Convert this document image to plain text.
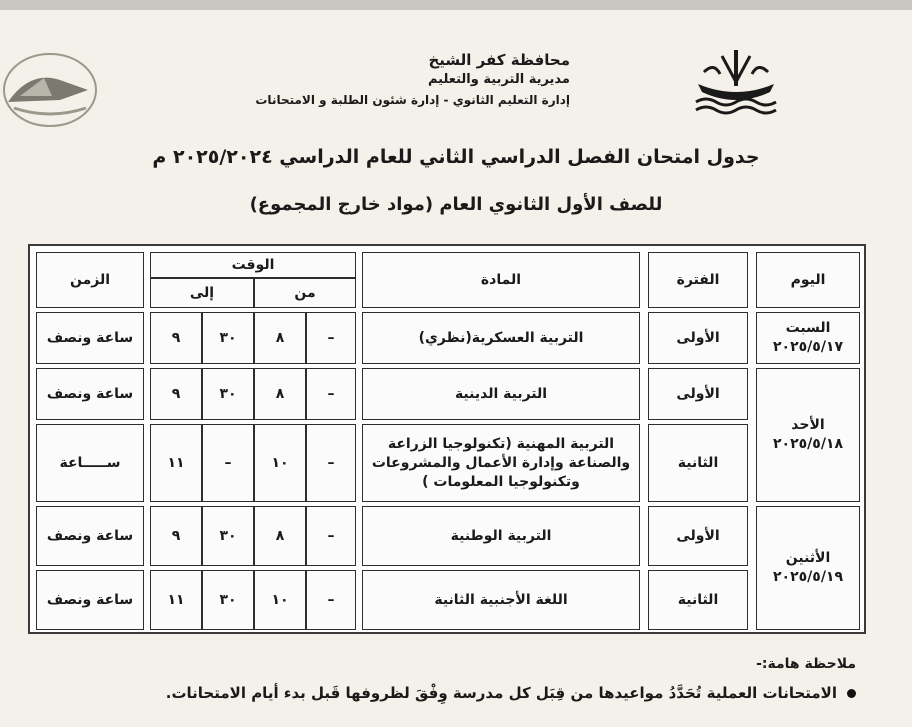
محافظة كفر الشيخ
مديرية التربية والتعليم
إدارة التعليم الثانوي - إدارة شئون الطلبة و الامتحانات
جدول امتحان الفصل الدراسي الثاني للعام الدراسي ٢٠٢٥/٢٠٢٤ م
للصف الأول الثانوي العام (مواد خارج المجموع)
اليوم
الفترة
المادة
الوقت
إلى	من
الزمن
السبت
٢٠٢٥/٥/١٧
الأحد
٢٠٢٥/٥/١٨
الأثنين
٢٠٢٥/٥/١٩
الأولى
التربية العسكرية(نظري)
–
٨
٣٠
٩
ساعة ونصف
الأولى
التربية الدينية
–
٨
٣٠
٩
ساعة ونصف
الثانية
التربية المهنية (تكنولوجيا الزراعة والصناعة وإدارة الأعمال والمشروعات وتكنولوجيا المعلومات )
–
١٠
–
١١
ســـــاعة
الأولى
التربية الوطنية
–
٨
٣٠
٩
ساعة ونصف
الثانية
اللغة الأجنبية الثانية
–
١٠
٣٠
١١
ساعة ونصف
ملاحظة هامة:-
الامتحانات العملية تُحَدَّدُ مواعيدها من قِبَل كل مدرسة وِفْقَ لظروفها قَبل بدء أيام الامتحانات.
